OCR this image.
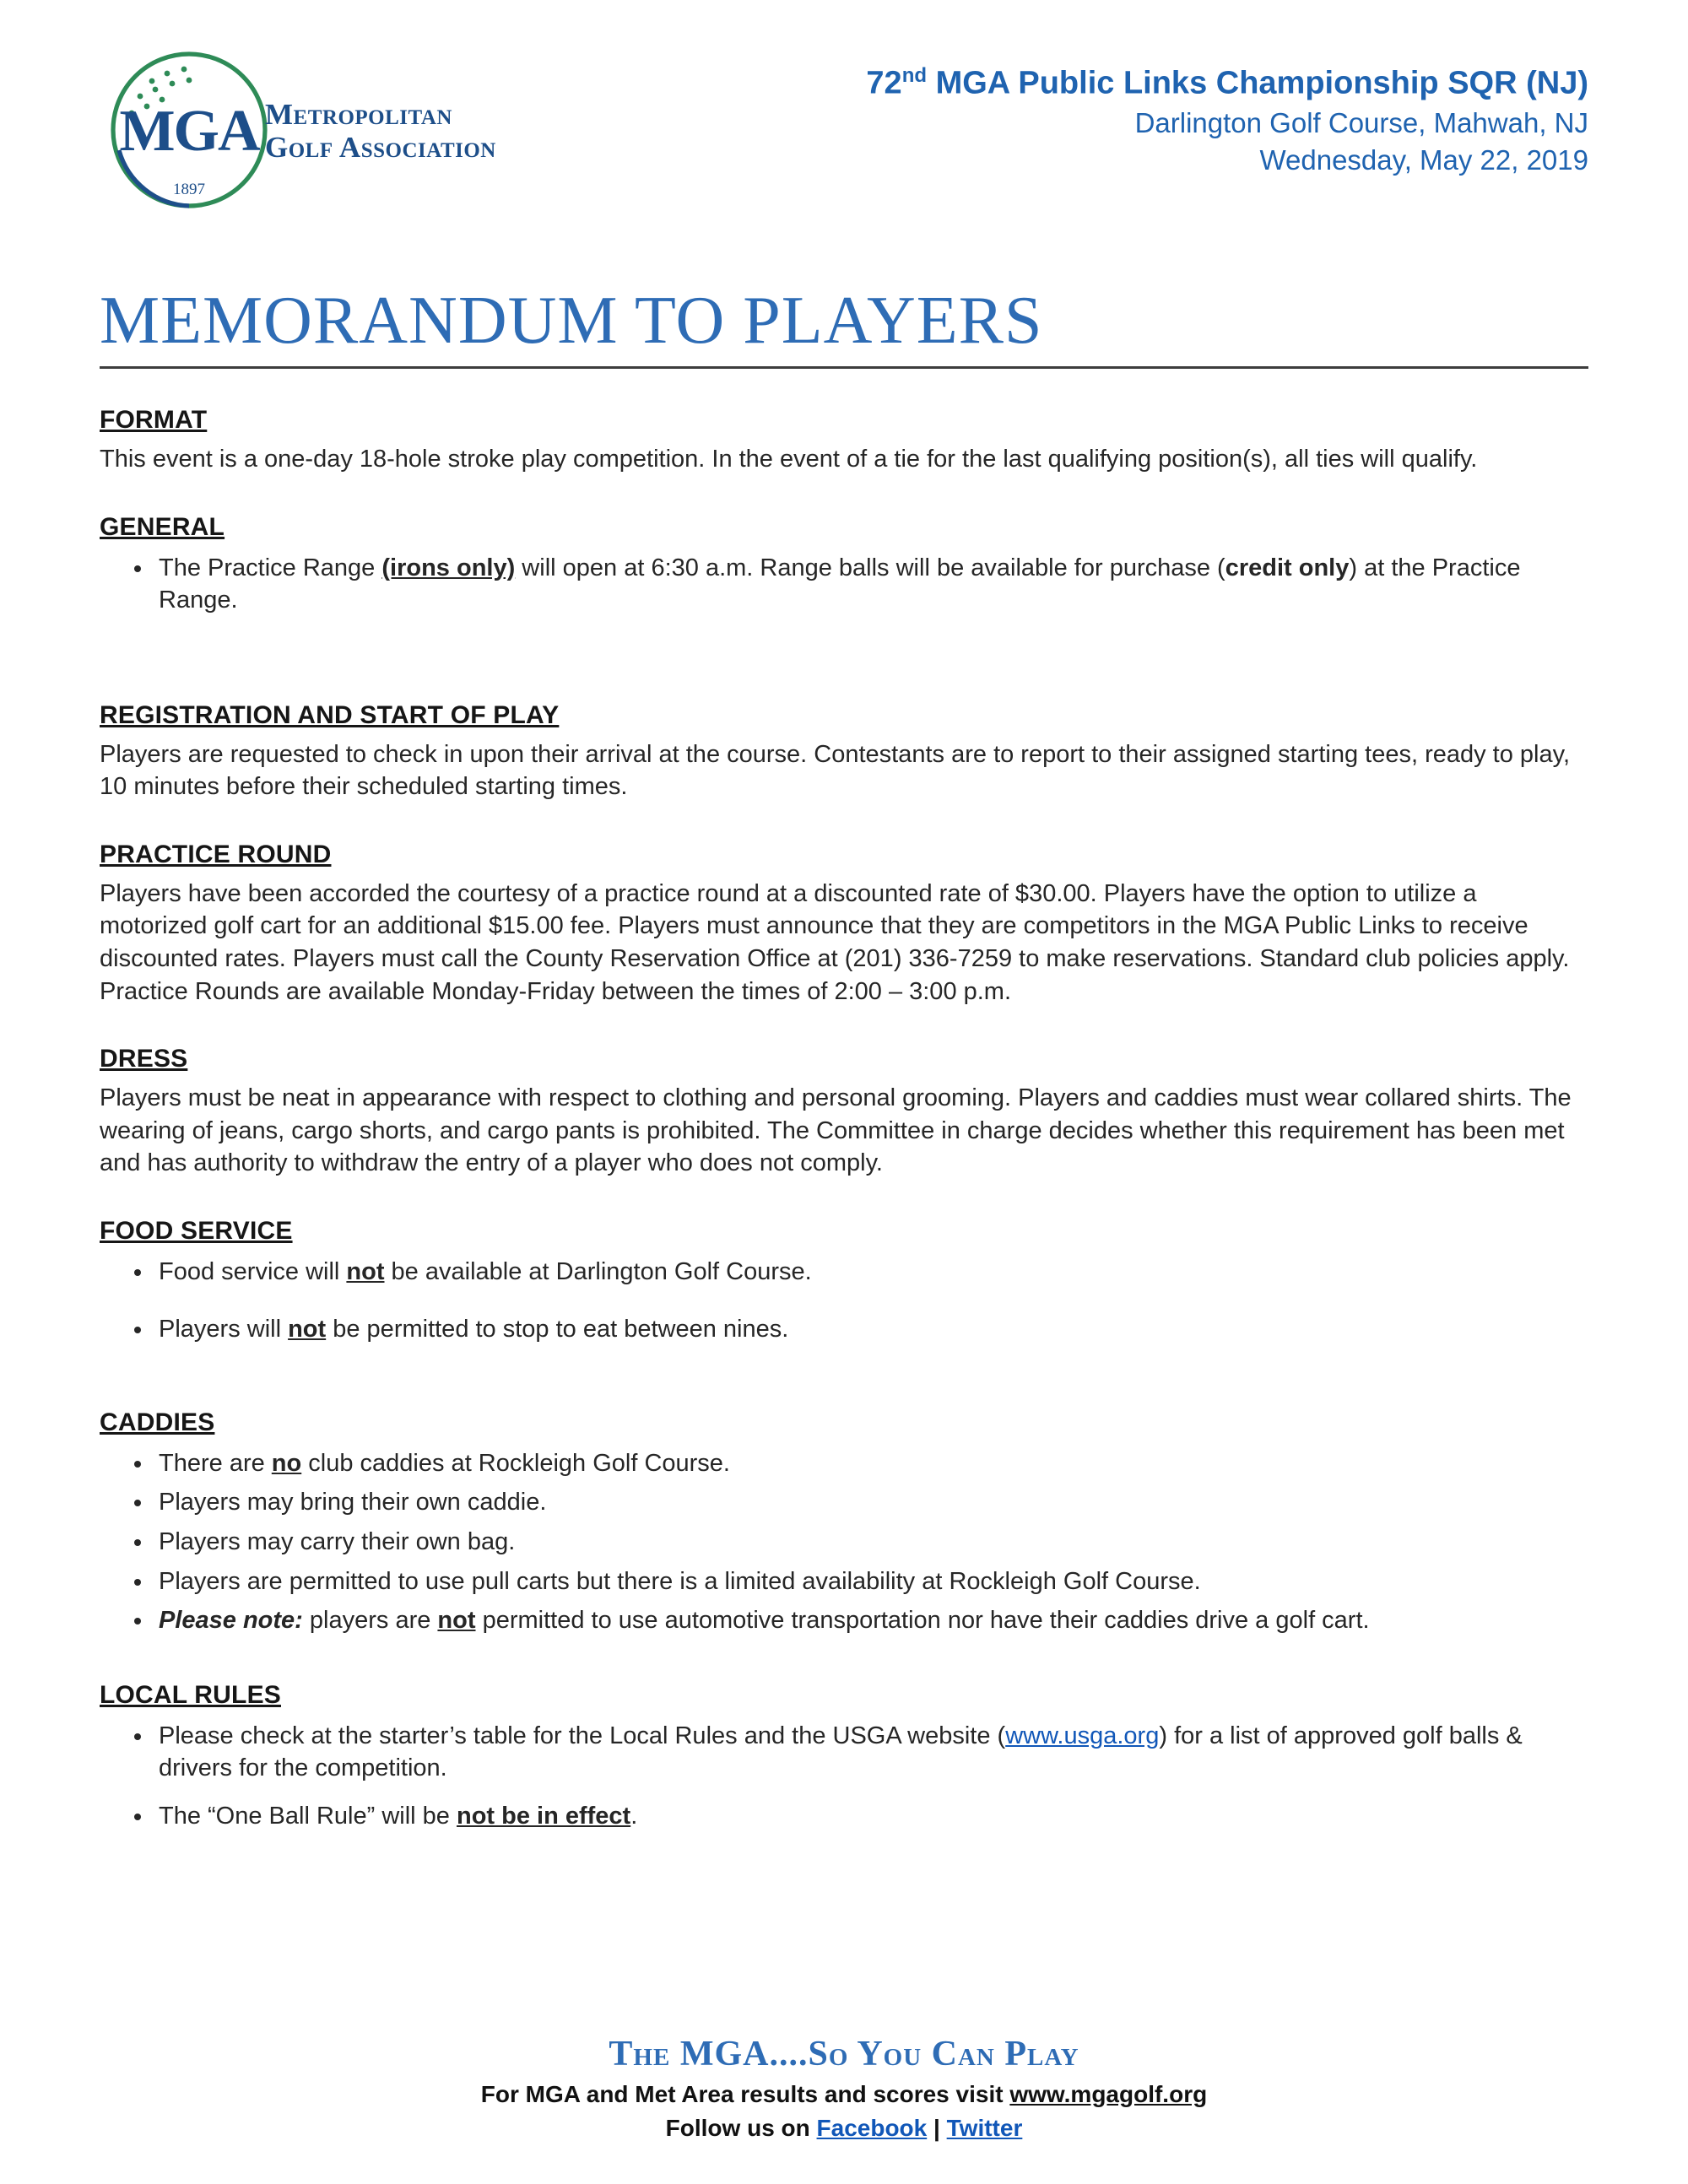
MGA
1897
Metropolitan
Golf Association
72nd MGA Public Links Championship SQR (NJ)
Darlington Golf Course, Mahwah, NJ
Wednesday, May 22, 2019
MEMORANDUM TO PLAYERS
FORMAT

This event is a one-day 18-hole stroke play competition. In the event of a tie for the last qualifying position(s), all ties will qualify.

GENERAL
• The Practice Range (irons only) will open at 6:30 a.m. Range balls will be available for purchase (credit only) at the Practice Range.
REGISTRATION AND START OF PLAY

Players are requested to check in upon their arrival at the course. Contestants are to report to their assigned starting tees, ready to play, 10 minutes before their scheduled starting times.

PRACTICE ROUND

Players have been accorded the courtesy of a practice round at a discounted rate of $30.00. Players have the option to utilize a motorized golf cart for an additional $15.00 fee. Players must announce that they are competitors in the MGA Public Links to receive discounted rates. Players must call the County Reservation Office at (201) 336-7259 to make reservations. Standard club policies apply. Practice Rounds are available Monday-Friday between the times of 2:00 – 3:00 p.m.

DRESS

Players must be neat in appearance with respect to clothing and personal grooming. Players and caddies must wear collared shirts. The wearing of jeans, cargo shorts, and cargo pants is prohibited. The Committee in charge decides whether this requirement has been met and has authority to withdraw the entry of a player who does not comply.

FOOD SERVICE
• Food service will not be available at Darlington Golf Course.
• Players will not be permitted to stop to eat between nines.
CADDIES
• There are no club caddies at Rockleigh Golf Course.
• Players may bring their own caddie.
• Players may carry their own bag.
• Players are permitted to use pull carts but there is a limited availability at Rockleigh Golf Course.
• Please note: players are not permitted to use automotive transportation nor have their caddies drive a golf cart.
LOCAL RULES
• Please check at the starter’s table for the Local Rules and the USGA website (www.usga.org) for a list of approved golf balls & drivers for the competition.
• The “One Ball Rule” will be not be in effect.
The MGA....So You Can Play
For MGA and Met Area results and scores visit www.mgagolf.org
Follow us on Facebook | Twitter
